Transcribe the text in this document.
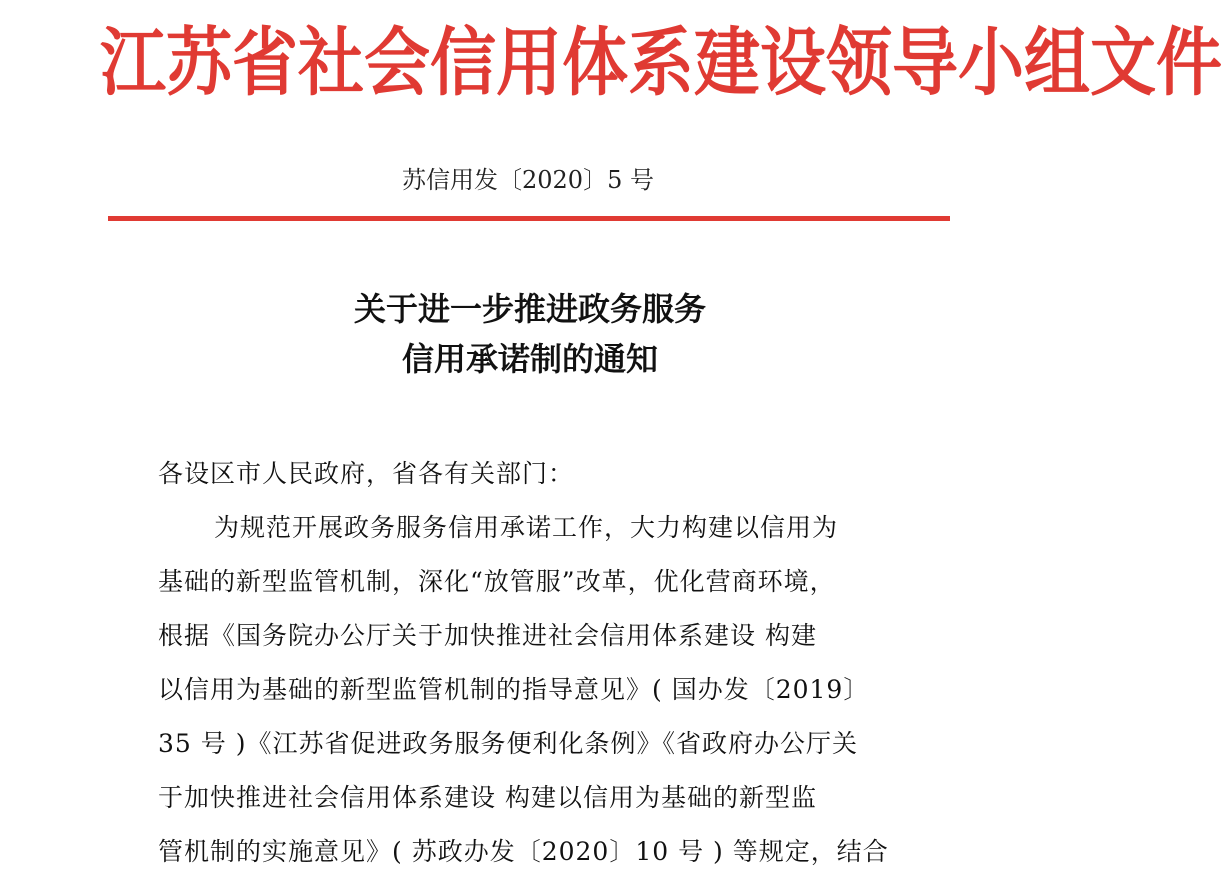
江苏省社会信用体系建设领导小组文件
苏信用发〔2020〕5 号
关于进一步推进政务服务
信用承诺制的通知
各设区市人民政府，省各有关部门：
为规范开展政务服务信用承诺工作，大力构建以信用为
基础的新型监管机制，深化“放管服”改革，优化营商环境，
根据《国务院办公厅关于加快推进社会信用体系建设 构建
以信用为基础的新型监管机制的指导意见》( 国办发〔2019〕
35 号 )《江苏省促进政务服务便利化条例》《省政府办公厅关
于加快推进社会信用体系建设 构建以信用为基础的新型监
管机制的实施意见》( 苏政办发〔2020〕10 号 ) 等规定，结合
